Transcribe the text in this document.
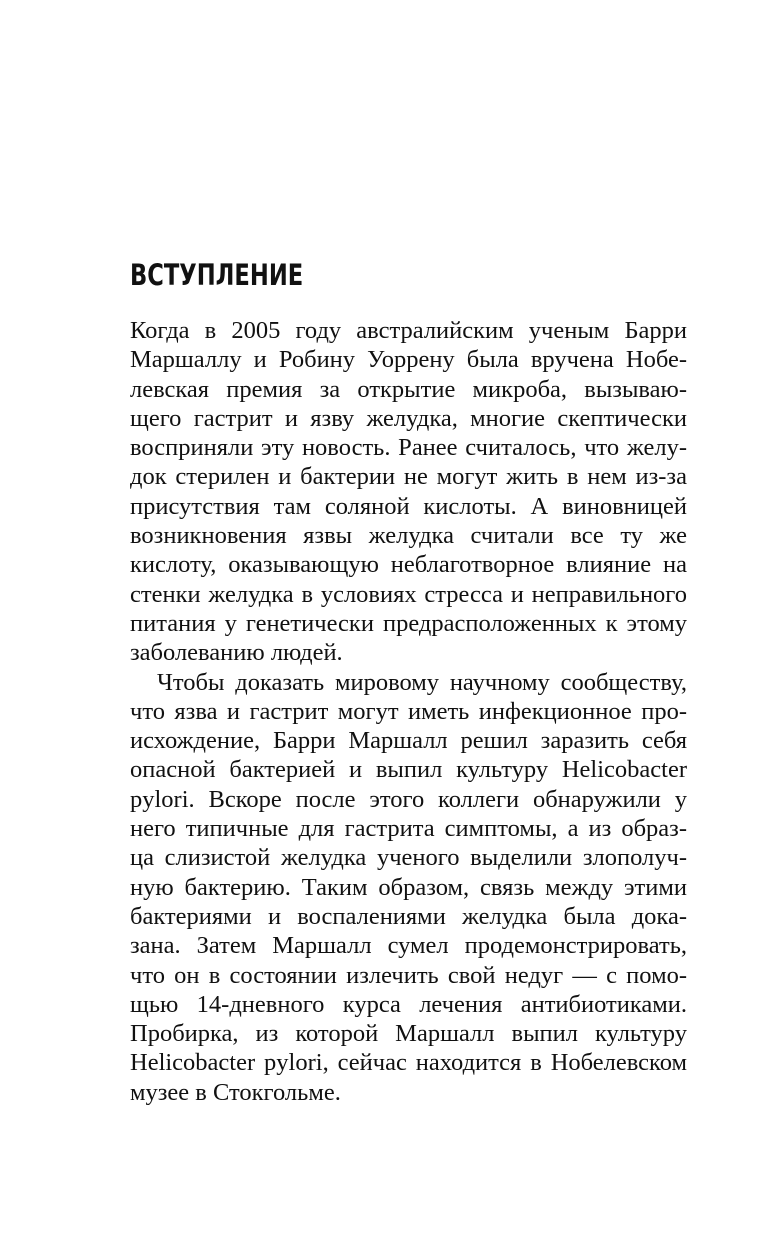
ВСТУПЛЕНИЕ
Когда в 2005 году австралийским ученым Барри
Маршаллу и Робину Уоррену была вручена Нобе-
левская премия за открытие микроба, вызываю-
щего гастрит и язву желудка, многие скептически
восприняли эту новость. Ранее считалось, что желу-
док стерилен и бактерии не могут жить в нем из-за
присутствия там соляной кислоты. А виновницей
возникновения язвы желудка считали все ту же
кислоту, оказывающую неблаготворное влияние на
стенки желудка в условиях стресса и неправильного
питания у генетически предрасположенных к этому
заболеванию людей.
Чтобы доказать мировому научному сообществу,
что язва и гастрит могут иметь инфекционное про-
исхождение, Барри Маршалл решил заразить себя
опасной бактерией и выпил культуру Helicobacter
pylori. Вскоре после этого коллеги обнаружили у
него типичные для гастрита симптомы, а из образ-
ца слизистой желудка ученого выделили злополуч-
ную бактерию. Таким образом, связь между этими
бактериями и воспалениями желудка была дока-
зана. Затем Маршалл сумел продемонстрировать,
что он в состоянии излечить свой недуг — с помо-
щью 14-дневного курса лечения антибиотиками.
Пробирка, из которой Маршалл выпил культуру
Helicobacter pylori, сейчас находится в Нобелевском
музее в Стокгольме.
